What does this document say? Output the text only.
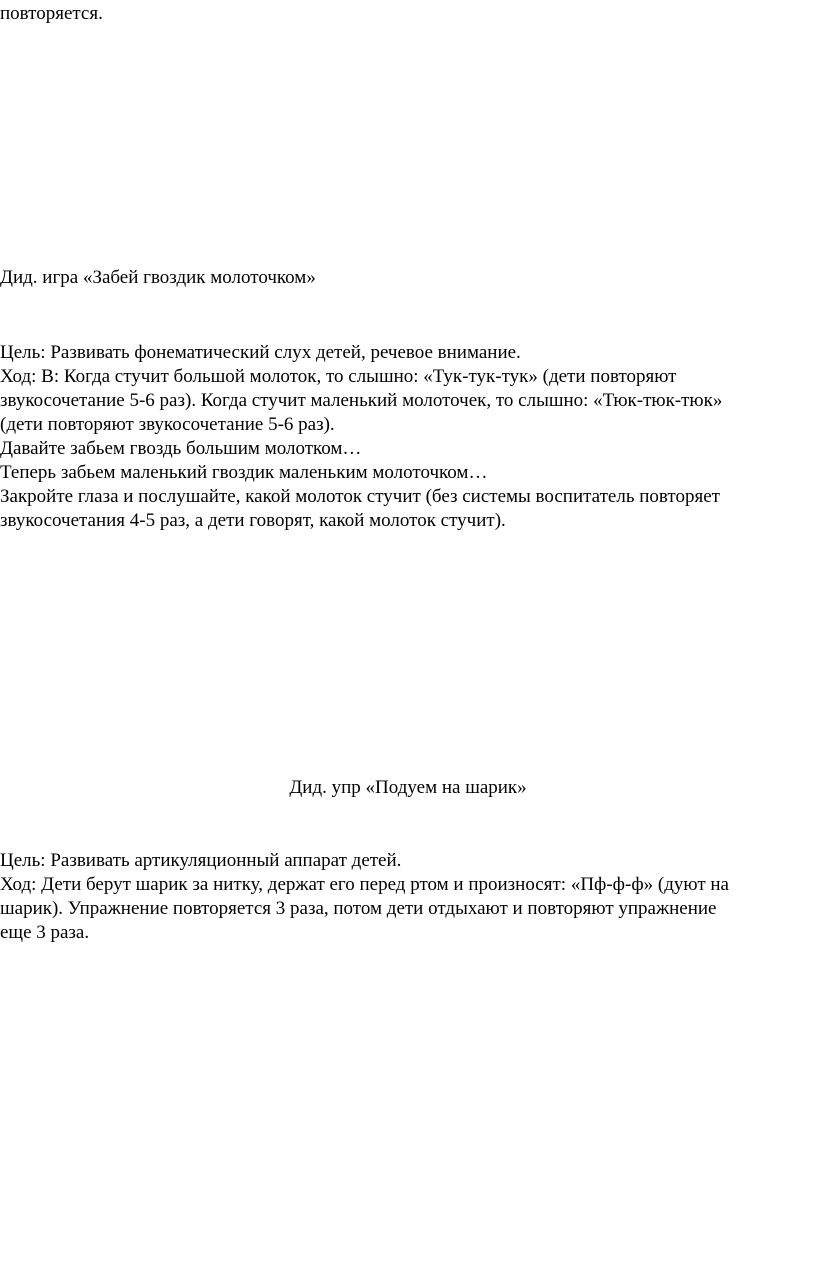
повторяется.
Дид. игра «Забей гвоздик молоточком»
Цель: Развивать фонематический слух детей, речевое внимание.
Ход: В: Когда стучит большой молоток, то слышно: «Тук-тук-тук» (дети повторяют
звукосочетание 5-6 раз). Когда стучит маленький молоточек, то слышно: «Тюк-тюк-тюк»
(дети повторяют звукосочетание 5-6 раз).
Давайте забьем гвоздь большим молотком…
Теперь забьем маленький гвоздик маленьким молоточком…
Закройте глаза и послушайте, какой молоток стучит (без системы воспитатель повторяет
звукосочетания 4-5 раз, а дети говорят, какой молоток стучит).
Дид. упр «Подуем на шарик»
Цель: Развивать артикуляционный аппарат детей.
Ход: Дети берут шарик за нитку, держат его перед ртом и произносят: «Пф-ф-ф» (дуют на
шарик). Упражнение повторяется 3 раза, потом дети отдыхают и повторяют упражнение
еще 3 раза.
